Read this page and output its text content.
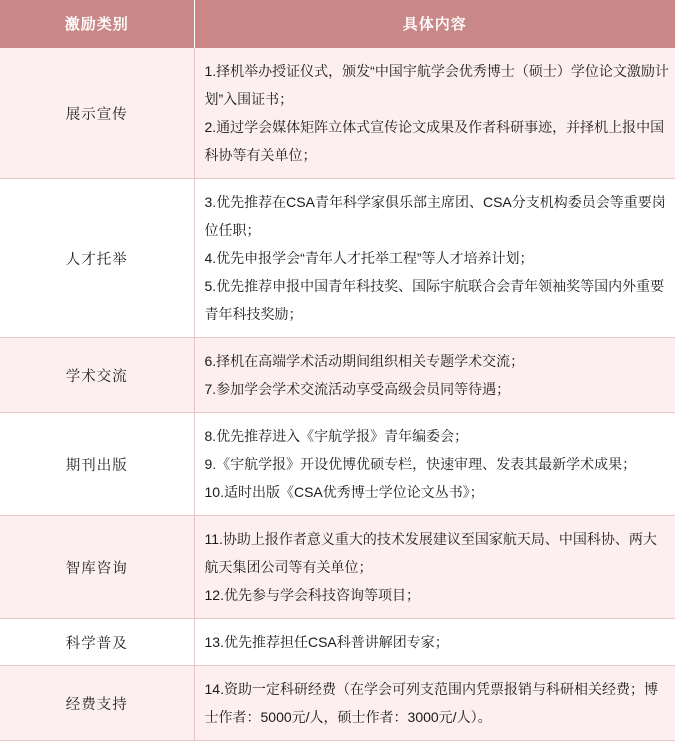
激励类别	具体内容
展示宣传	1.择机举办授证仪式，颁发“中国宇航学会优秀博士（硕士）学位论文激励计划”入围证书；

2.通过学会媒体矩阵立体式宣传论文成果及作者科研事迹，并择机上报中国科协等有关单位；

人才托举	3.优先推荐在CSA青年科学家俱乐部主席团、CSA分支机构委员会等重要岗位任职；

4.优先申报学会“青年人才托举工程”等人才培养计划；

5.优先推荐申报中国青年科技奖、国际宇航联合会青年领袖奖等国内外重要青年科技奖励；

学术交流	6.择机在高端学术活动期间组织相关专题学术交流；

7.参加学会学术交流活动享受高级会员同等待遇；

期刊出版	8.优先推荐进入《宇航学报》青年编委会；

9.《宇航学报》开设优博优硕专栏，快速审理、发表其最新学术成果；

10.适时出版《CSA优秀博士学位论文丛书》；

智库咨询	11.协助上报作者意义重大的技术发展建议至国家航天局、中国科协、两大航天集团公司等有关单位；

12.优先参与学会科技咨询等项目；

科学普及	13.优先推荐担任CSA科普讲解团专家；

经费支持	14.资助一定科研经费（在学会可列支范围内凭票报销与科研相关经费；博士作者：5000元/人，硕士作者：3000元/人）。
